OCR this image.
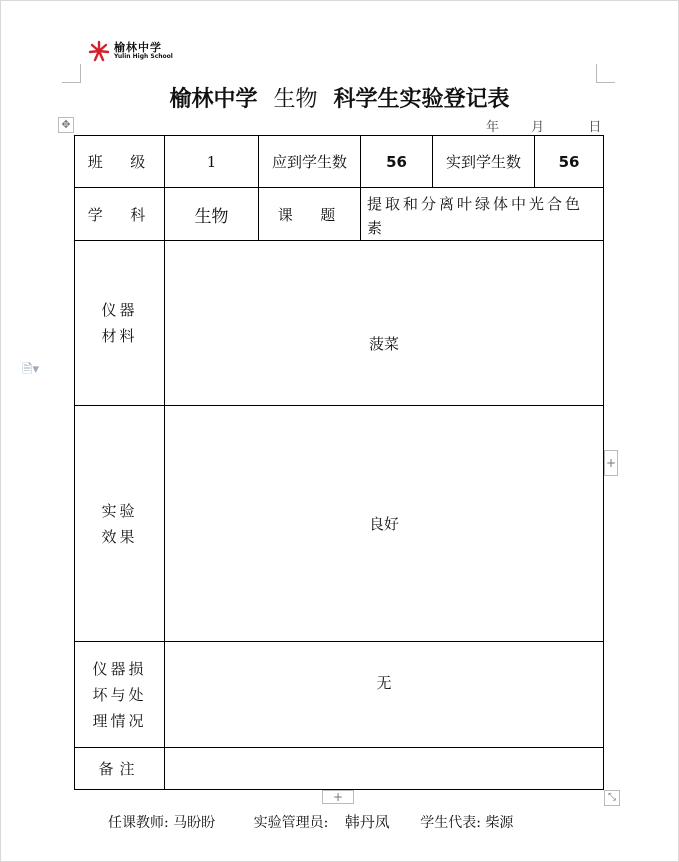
榆林中学
Yulin High School
榆林中学 生物 科学生实验登记表
年 月	日
✥
🗎▾
+
+	⤡
班  级	1	应到学生数	56	实到学生数	56
学  科	生物	课  题	提取和分离叶绿体中光合色素		

仪器
材料	菠菜				

实验
效果	良好				

仪器损
坏与处
理情况	无				
备注					
任课教师: 马盼盼	实验管理员: 韩丹凤 学生代表: 柴源
